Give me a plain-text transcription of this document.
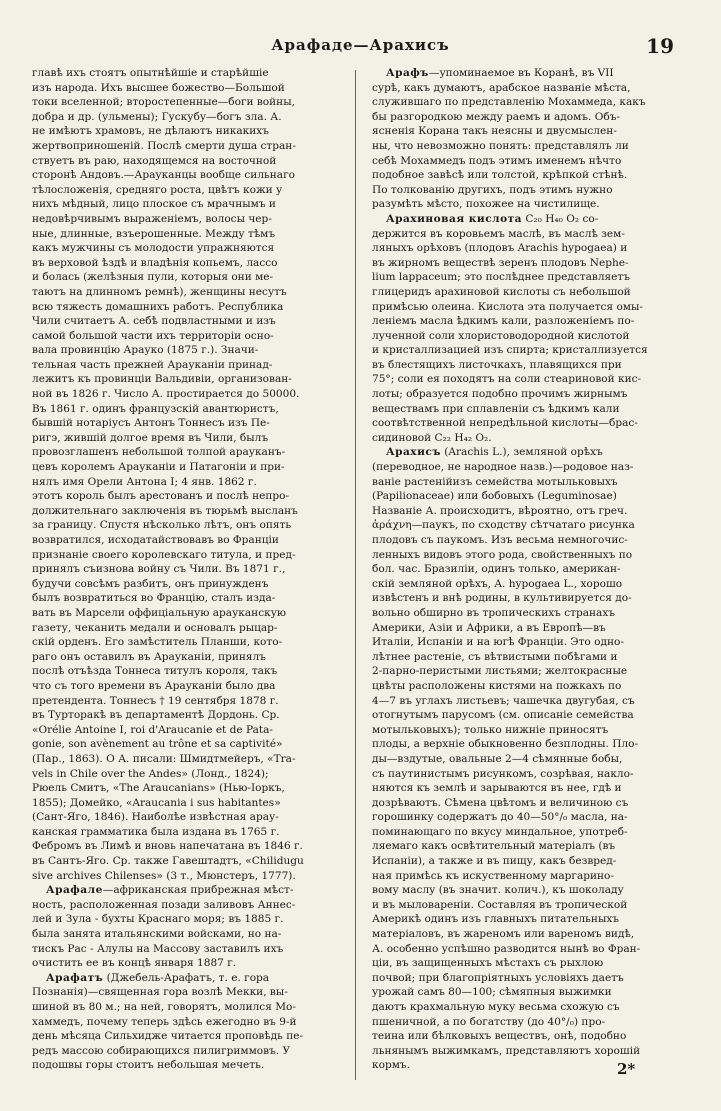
Арафаде—Арахисъ	19
главѣ ихъ стоятъ опытнѣйшіе и старѣйшіе
изъ народа. Ихъ высшее божество—Большой
токи вселенной; второстепенные—боги войны,
добра и др. (ульмены); Гускубу—богъ зла. А.
не имѣютъ храмовъ, не дѣлаютъ никакихъ
жертвоприношеній. Послѣ смерти душа стран-
ствуетъ въ раю, находящемся на восточной
сторонѣ Андовъ.—Арауканцы вообще сильнаго
тѣлосложенія, средняго роста, цвѣтъ кожи у
нихъ мѣдный, лицо плоское съ мрачнымъ и
недовѣрчивымъ выраженіемъ, волосы чер-
ные, длинные, взъерошенные. Между тѣмъ
какъ мужчины съ молодости упражняются
въ верховой ѣздѣ и владѣнія копьемъ, лассо
и болась (желѣзныя пули, которыя они ме-
таютъ на длинномъ ремнѣ), женщины несутъ
всю тяжесть домашнихъ работъ. Республика
Чили считаетъ А. себѣ подвластными и изъ
самой большой части ихъ территоріи осно-
вала провинцію Арауко (1875 г.). Значи-
тельная часть прежней Арауканіи принад-
лежитъ къ провинціи Вальдивіи, организован-
ной въ 1826 г. Число А. простирается до 50000.
Въ 1861 г. одинъ французскій авантюристъ,
бывшій нотаріусъ Антонъ Тоннесъ изъ Пе-
ригэ, жившій долгое время въ Чили, былъ
провозглашенъ небольшой толпой арауканъ-
цевъ королемъ Арауканіи и Патагоніи и при-
нялъ имя Орели Антона I; 4 янв. 1862 г.
этотъ король былъ арестованъ и послѣ непро-
должительнаго заключенія въ тюрьмѣ высланъ
за границу. Спустя нѣсколько лѣтъ, онъ опять
возвратился, исходатайствовавъ во Франціи
признаніе своего королевскаго титула, и пред-
принялъ съизнова войну съ Чили. Въ 1871 г.,
будучи совсѣмъ разбитъ, онъ принужденъ
былъ возвратиться во Францію, сталъ изда-
вать въ Марсели оффиціальную арауканскую
газету, чеканить медали и основалъ рыцар-
скій орденъ. Его замѣститель Планши, кото-
рагo онъ оставилъ въ Арауканіи, принялъ
послѣ отъѣзда Тоннеса титулъ короля, такъ
что съ того времени въ Арауканіи было два
претендента. Тоннесъ † 19 сентября 1878 г.
въ Турторакѣ въ департаментѣ Дордонь. Ср.
«Orélie Antoine I, roi d'Araucanie et de Pata-
gonie, son avènement au trône et sa captivité»
(Пар., 1863). О А. писали: Шмидтмейеръ, «Tra-
vels in Chile over the Andes» (Лонд., 1824);
Рюель Смитъ, «The Araucanians» (Нью-Іоркъ,
1855); Домейко, «Araucania i sus habitantes»
(Сант-Яго, 1846). Наиболѣе извѣстная арау-
канская грамматика была издана въ 1765 г.
Фебромъ въ Лимѣ и вновь напечатана въ 1846 г.
въ Сантъ-Яго. Ср. также Гавештадтъ, «Chilidugu
sive archives Chilenses» (3 т., Мюнстеръ, 1777).
Арафале—африканская прибрежная мѣст-
ность, расположенная позади заливовъ Аннес-
лей и Зула - бухты Краснаго моря; въ 1885 г.
была занята итальянскими войсками, но на-
тискъ Рас - Алулы на Массову заставилъ ихъ
очистить ее въ концѣ января 1887 г.
Арафатъ (Джебель-Арафатъ, т. е. гора
Познанія)—священная гора возлѣ Мекки, вы-
шиной въ 80 м.; на ней, говорятъ, молился Мо-
хаммедъ, почему теперь здѣсь ежегодно въ 9-й
день мѣсяца Сильхидже читается проповѣдь пе-
редъ массою собирающихся пилигриммовъ. У
подошвы горы стоитъ небольшая мечеть.
Арафъ—упоминаемое въ Коранѣ, въ VII
сурѣ, какъ думаютъ, арабское названіе мѣста,
служившаго по представленію Мохаммеда, какъ
бы разгородкою между раемъ и адомъ. Объ-
ясненія Корана такъ неясны и двусмыслен-
ны, что невозможно понять: представлялъ ли
себѣ Мохаммедъ подъ этимъ именемъ нѣчто
подобное завѣсѣ или толстой, крѣпкой стѣнѣ.
По толкованію другихъ, подъ этимъ нужно
разумѣть мѣсто, похожее на чистилище.
Арахиновая кислота C₂₀ H₄₀ O₂ со-
держится въ коровьемъ маслѣ, въ маслѣ зем-
ляныхъ орѣховъ (плодовъ Arachis hypogaea) и
въ жирномъ веществѣ зеренъ плодовъ Nephe-
lium lappaceum; это послѣднее представляетъ
глицеридъ арахиновой кислоты съ небольшой
примѣсью олеина. Кислота эта получается омы-
леніемъ масла ѣдкимъ кали, разложеніемъ по-
лученной соли хлористоводородной кислотой
и кристаллизацией изъ спирта; кристаллизуется
въ блестящихъ листочкахъ, плавящихся при
75°; соли ея походятъ на соли стеариновой кис-
лоты; образуется подобно прочимъ жирнымъ
веществамъ при сплавленіи съ ѣдкимъ кали
соотвѣтственной непредѣльной кислоты—брас-
сидиновой C₂₂ H₄₂ O₂.
Арахисъ (Arachis L.), земляной орѣхъ
(переводное, не народное назв.)—родовое наз-
ваніе растенійизъ семейства мотыльковыхъ
(Papilionaceae) или бобовыхъ (Leguminosae)
Названіе А. происходитъ, вѣроятно, отъ греч.
ἀράχνη—паукъ, по сходству сѣтчатаго рисунка
плодовъ съ паукомъ. Изъ весьма немногочис-
ленныхъ видовъ этого рода, свойственныхъ по
бол. час. Бразиліи, одинъ только, американ-
скій земляной орѣхъ, A. hypogaea L., хорошо
извѣстенъ и внѣ родины, в культивируется до-
вольно обширно въ тропическихъ странахъ
Америки, Азіи и Африки, а въ Европѣ—въ
Италіи, Испаніи и на югѣ Франціи. Это одно-
лѣтнее растеніе, съ вѣтвистыми побѣгами и
2-парно-перистыми листьями; желтокрасные
цвѣты расположены кистями на пожкахъ по
4—7 въ углахъ листьевъ; чашечка двугубая, съ
отогнутымъ парусомъ (см. описаніе семейства
мотыльковыхъ); только нижніе приносятъ
плоды, а верхніе обыкновенно безплодны. Пло-
ды—вздутые, овальные 2—4 сѣмянные бобы,
съ паутинистымъ рисункомъ, созрѣвая, накло-
няются къ землѣ и зарываются въ нее, гдѣ и
дозрѣваютъ. Сѣмена цвѣтомъ и величиною съ
горошинку содержатъ до 40—50°/₀ масла, на-
поминающаго по вкусу миндальное, употреб-
ляемаго какъ освѣтительный матеріалъ (въ
Испаніи), а также и въ пищу, какъ безвред-
ная примѣсь къ искуственному маргарино-
вому маслу (въ значит. колич.), къ шоколаду
и въ мыловареніи. Составляя въ тропической
Америкѣ одинъ изъ главныхъ питательныхъ
матеріаловъ, въ жареномъ или вареномъ видѣ,
А. особенно успѣшно разводится нынѣ во Фран-
ціи, въ защищенныхъ мѣстахъ съ рыхлою
почвой; при благопріятныхъ условіяхъ даетъ
урожай самъ 80—100; сѣмяпныя выжимки
даютъ крахмальную муку весьма схожую съ
пшеничной, а по богатству (до 40°/₀) про-
теина или бѣлковыхъ веществъ, онѣ, подобно
льнянымъ выжимкамъ, представляютъ хорошій
кормъ.	2*
